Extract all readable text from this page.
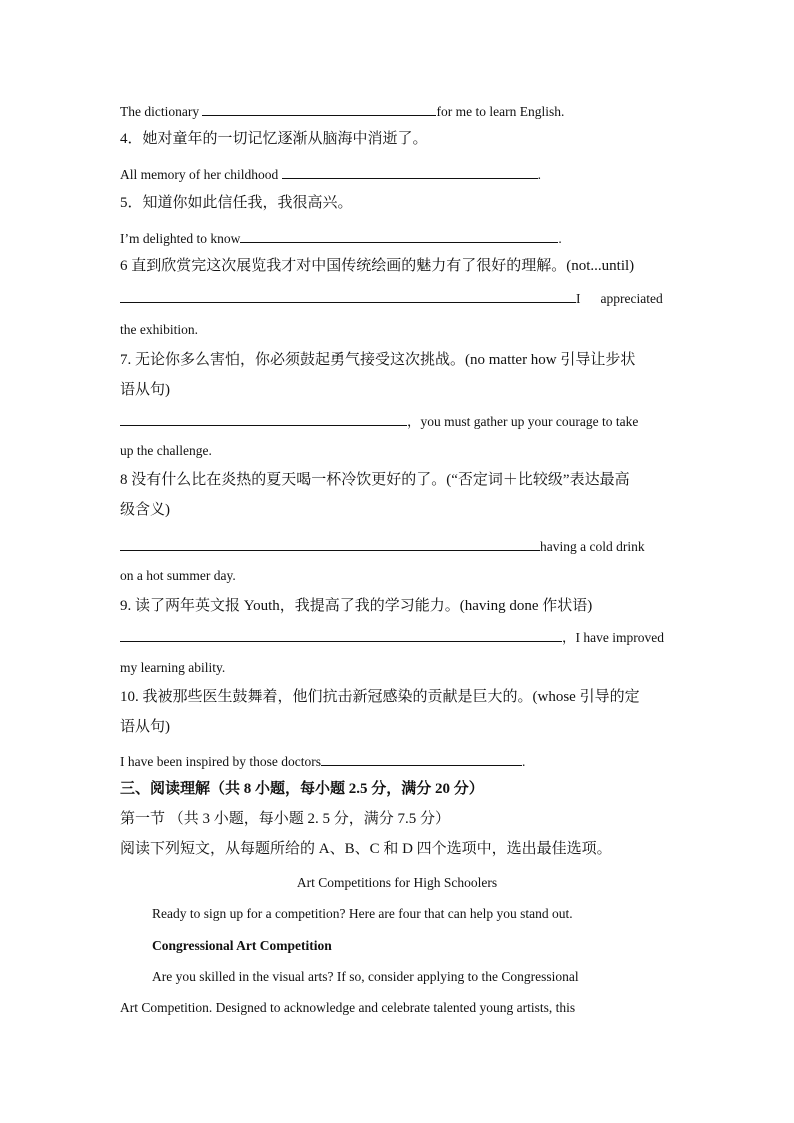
The dictionary	for me to learn English.
4．她对童年的一切记忆逐渐从脑海中消逝了。
All memory of her childhood	.
5．知道你如此信任我，我很高兴。
I’m delighted to know	.
6 直到欣赏完这次展览我才对中国传统绘画的魅力有了很好的理解。(not...until)
I appreciated
the exhibition.
7. 无论你多么害怕，你必须鼓起勇气接受这次挑战。(no matter how 引导让步状
语从句)
，you must gather up your courage to take
up the challenge.
8 没有什么比在炎热的夏天喝一杯冷饮更好的了。(“否定词＋比较级”表达最高
级含义)
having a cold drink
on a hot summer day.
9. 读了两年英文报 Youth，我提高了我的学习能力。(having done 作状语)
，I have improved
my learning ability.
10. 我被那些医生鼓舞着，他们抗击新冠感染的贡献是巨大的。(whose 引导的定
语从句)
I have been inspired by those doctors	.
三、阅读理解（共 8 小题，每小题 2.5 分，满分 20 分）
第一节 （共 3 小题，每小题 2. 5 分，满分 7.5 分）
阅读下列短文，从每题所给的 A、B、C 和 D 四个选项中，选出最佳选项。
Art Competitions for High Schoolers
Ready to sign up for a competition? Here are four that can help you stand out.
Congressional Art Competition
Are you skilled in the visual arts? If so, consider applying to the Congressional
Art Competition. Designed to acknowledge and celebrate talented young artists, this
